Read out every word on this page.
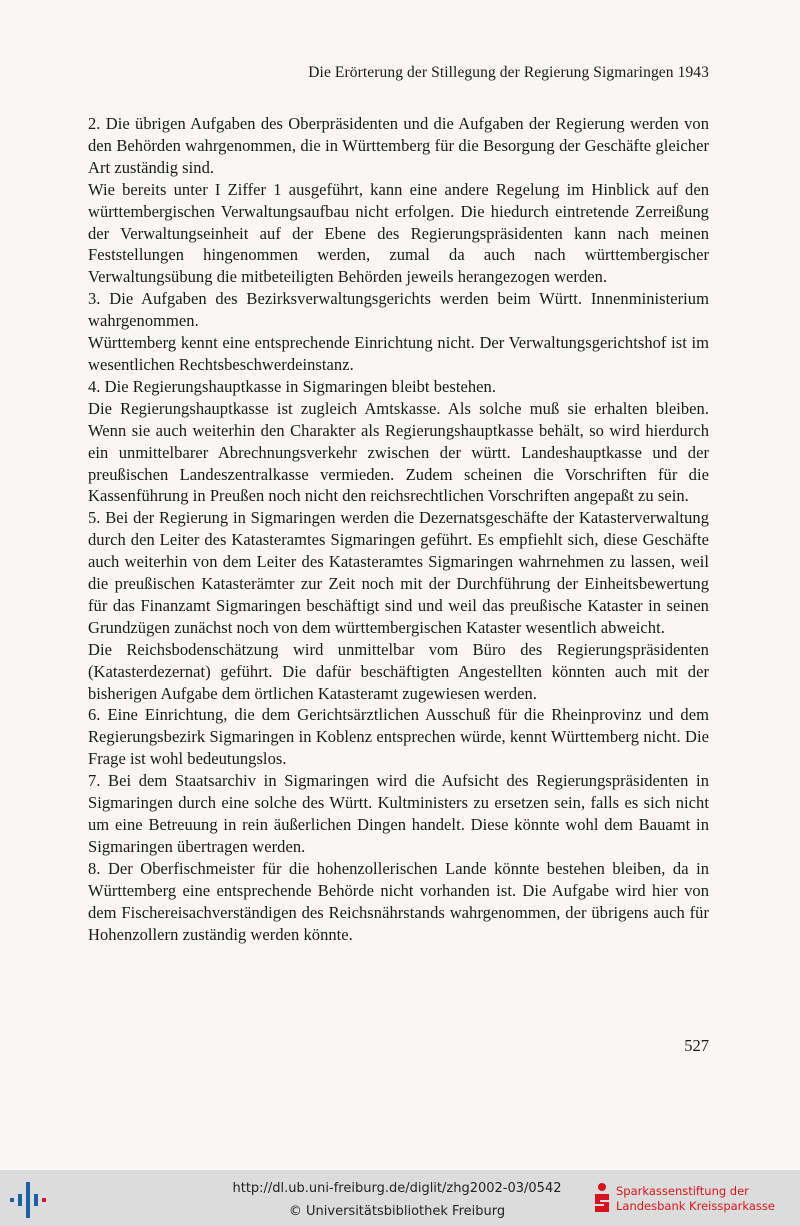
Die Erörterung der Stillegung der Regierung Sigmaringen 1943

2. Die übrigen Aufgaben des Oberpräsidenten und die Aufgaben der Regierung werden von den Behörden wahrgenommen, die in Württemberg für die Besorgung der Geschäfte gleicher Art zuständig sind.

Wie bereits unter I Ziffer 1 ausgeführt, kann eine andere Regelung im Hinblick auf den württembergischen Verwaltungsaufbau nicht erfolgen. Die hiedurch eintretende Zerreißung der Verwaltungseinheit auf der Ebene des Regierungspräsidenten kann nach meinen Feststellungen hingenommen werden, zumal da auch nach württembergischer Verwaltungsübung die mitbeteiligten Behörden jeweils herangezogen werden.

3. Die Aufgaben des Bezirksverwaltungsgerichts werden beim Württ. Innenministerium wahrgenommen.

Württemberg kennt eine entsprechende Einrichtung nicht. Der Verwaltungsgerichtshof ist im wesentlichen Rechtsbeschwerdeinstanz.

4. Die Regierungshauptkasse in Sigmaringen bleibt bestehen.

Die Regierungshauptkasse ist zugleich Amtskasse. Als solche muß sie erhalten bleiben. Wenn sie auch weiterhin den Charakter als Regierungshauptkasse behält, so wird hierdurch ein unmittelbarer Abrechnungsverkehr zwischen der württ. Landeshauptkasse und der preußischen Landeszentralkasse vermieden. Zudem scheinen die Vorschriften für die Kassenführung in Preußen noch nicht den reichsrechtlichen Vorschriften angepaßt zu sein.

5. Bei der Regierung in Sigmaringen werden die Dezernatsgeschäfte der Katasterverwaltung durch den Leiter des Katasteramtes Sigmaringen geführt. Es empfiehlt sich, diese Geschäfte auch weiterhin von dem Leiter des Katasteramtes Sigmaringen wahrnehmen zu lassen, weil die preußischen Katasterämter zur Zeit noch mit der Durchführung der Einheitsbewertung für das Finanzamt Sigmaringen beschäftigt sind und weil das preußische Kataster in seinen Grundzügen zunächst noch von dem württembergischen Kataster wesentlich abweicht.

Die Reichsbodenschätzung wird unmittelbar vom Büro des Regierungspräsidenten (Katasterdezernat) geführt. Die dafür beschäftigten Angestellten könnten auch mit der bisherigen Aufgabe dem örtlichen Katasteramt zugewiesen werden.

6. Eine Einrichtung, die dem Gerichtsärztlichen Ausschuß für die Rheinprovinz und dem Regierungsbezirk Sigmaringen in Koblenz entsprechen würde, kennt Württemberg nicht. Die Frage ist wohl bedeutungslos.

7. Bei dem Staatsarchiv in Sigmaringen wird die Aufsicht des Regierungspräsidenten in Sigmaringen durch eine solche des Württ. Kultministers zu ersetzen sein, falls es sich nicht um eine Betreuung in rein äußerlichen Dingen handelt. Diese könnte wohl dem Bauamt in Sigmaringen übertragen werden.

8. Der Oberfischmeister für die hohenzollerischen Lande könnte bestehen bleiben, da in Württemberg eine entsprechende Behörde nicht vorhanden ist. Die Aufgabe wird hier von dem Fischereisachverständigen des Reichsnährstands wahrgenommen, der übrigens auch für Hohenzollern zuständig werden könnte.

527
http://dl.ub.uni-freiburg.de/diglit/zhg2002-03/0542
© Universitätsbibliothek Freiburg
Sparkassenstiftung der
Landesbank Kreissparkasse
